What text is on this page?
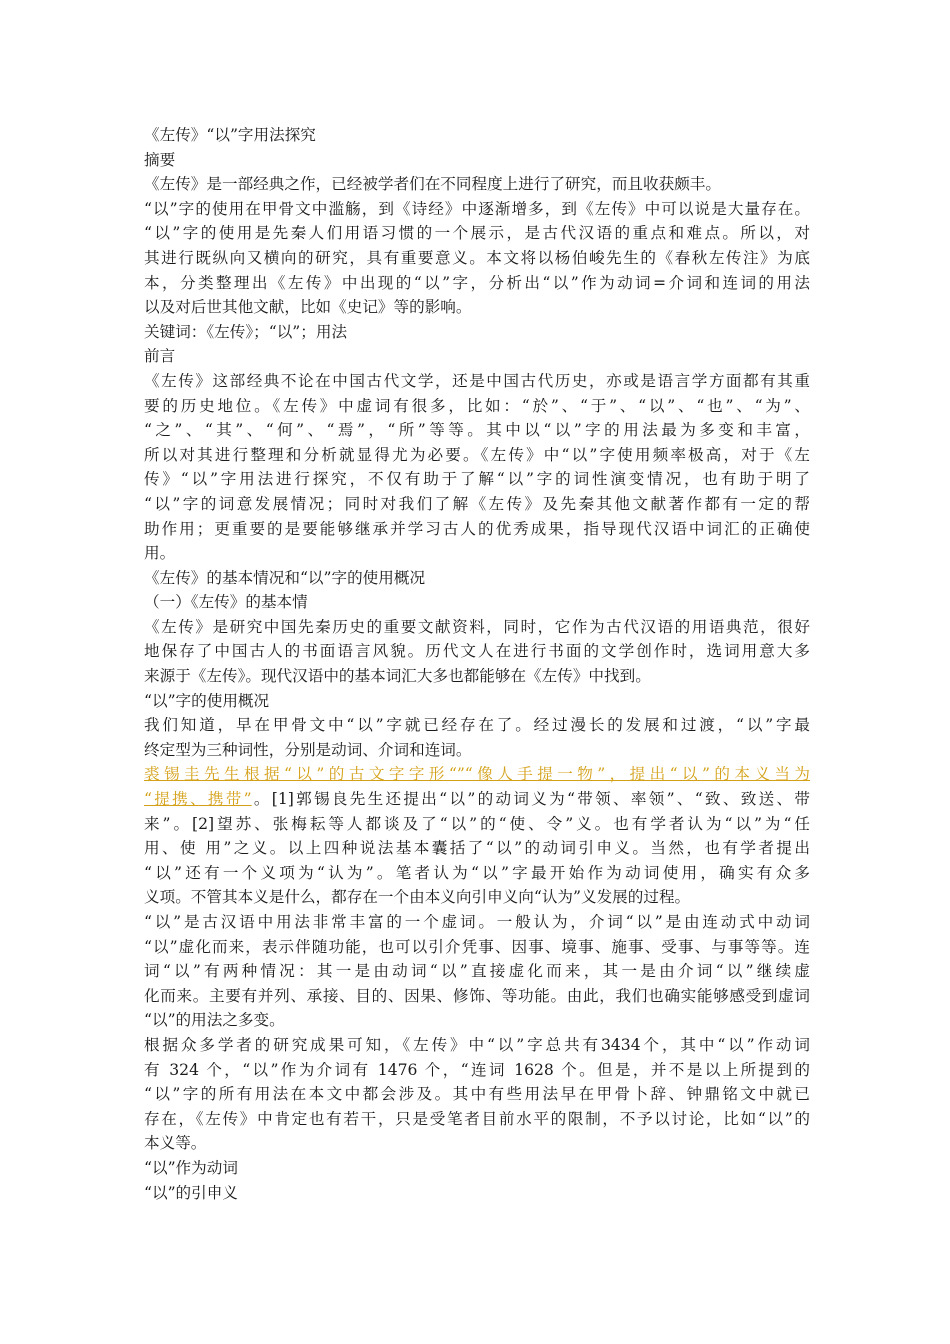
《左传》“以”字用法探究
摘要
《左传》是一部经典之作，已经被学者们在不同程度上进行了研究，而且收获颇丰。
“以”字的使用在甲骨文中滥觞，到《诗经》中逐渐增多，到《左传》中可以说是大量存在。
“以”字的使用是先秦人们用语习惯的一个展示，是古代汉语的重点和难点。所以，对
其进行既纵向又横向的研究，具有重要意义。本文将以杨伯峻先生的《春秋左传注》为底
本，分类整理出《左传》中出现的“以”字，分析出“以”作为动词=介词和连词的用法
以及对后世其他文献，比如《史记》等的影响。
关键词：《左传》；“以”；用法
前言
《左传》这部经典不论在中国古代文学，还是中国古代历史，亦或是语言学方面都有其重
要的历史地位。《左传》中虚词有很多，比如：“於”、“于”、“以”、“也”、“为”、
“之”、“其”、“何”、“焉”，“所”等等。其中以“以”字的用法最为多变和丰富，
所以对其进行整理和分析就显得尤为必要。《左传》中“以”字使用频率极高，对于《左
传》“以”字用法进行探究，不仅有助于了解“以”字的词性演变情况，也有助于明了
“以”字的词意发展情况；同时对我们了解《左传》及先秦其他文献著作都有一定的帮
助作用；更重要的是要能够继承并学习古人的优秀成果，指导现代汉语中词汇的正确使
用。
《左传》的基本情况和“以”字的使用概况
（一）《左传》的基本情
《左传》是研究中国先秦历史的重要文献资料，同时，它作为古代汉语的用语典范，很好
地保存了中国古人的书面语言风貌。历代文人在进行书面的文学创作时，选词用意大多
来源于《左传》。现代汉语中的基本词汇大多也都能够在《左传》中找到。
“以”字的使用概况
我们知道，早在甲骨文中“以”字就已经存在了。经过漫长的发展和过渡，“以”字最
终定型为三种词性，分别是动词、介词和连词。
裘锡圭先生根据“以”的古文字字形“”“像人手提一物”，提出“以”的本义当为
“提携、携带”。[1]郭锡良先生还提出“以”的动词义为“带领、率领”、“致、致送、带
来”。[2]望苏、张梅耘等人都谈及了“以”的“使、令”义。也有学者认为“以”为“任
用、使 用”之义。以上四种说法基本囊括了“以”的动词引申义。当然，也有学者提出
“以”还有一个义项为“认为”。笔者认为“以”字最开始作为动词使用，确实有众多
义项。不管其本义是什么，都存在一个由本义向引申义向“认为”义发展的过程。
“以”是古汉语中用法非常丰富的一个虚词。一般认为，介词“以”是由连动式中动词
“以”虚化而来，表示伴随功能，也可以引介凭事、因事、境事、施事、受事、与事等等。连
词“以”有两种情况：其一是由动词“以”直接虚化而来，其一是由介词“以”继续虚
化而来。主要有并列、承接、目的、因果、修饰、等功能。由此，我们也确实能够感受到虚词
“以”的用法之多变。
根据众多学者的研究成果可知，《左传》中“以”字总共有3434个，其中“以”作动词
有 324 个，“以”作为介词有 1476 个，“连词 1628 个。但是，并不是以上所提到的
“以”字的所有用法在本文中都会涉及。其中有些用法早在甲骨卜辞、钟鼎铭文中就已
存在，《左传》中肯定也有若干，只是受笔者目前水平的限制，不予以讨论，比如“以”的
本义等。
“以”作为动词
“以”的引申义
